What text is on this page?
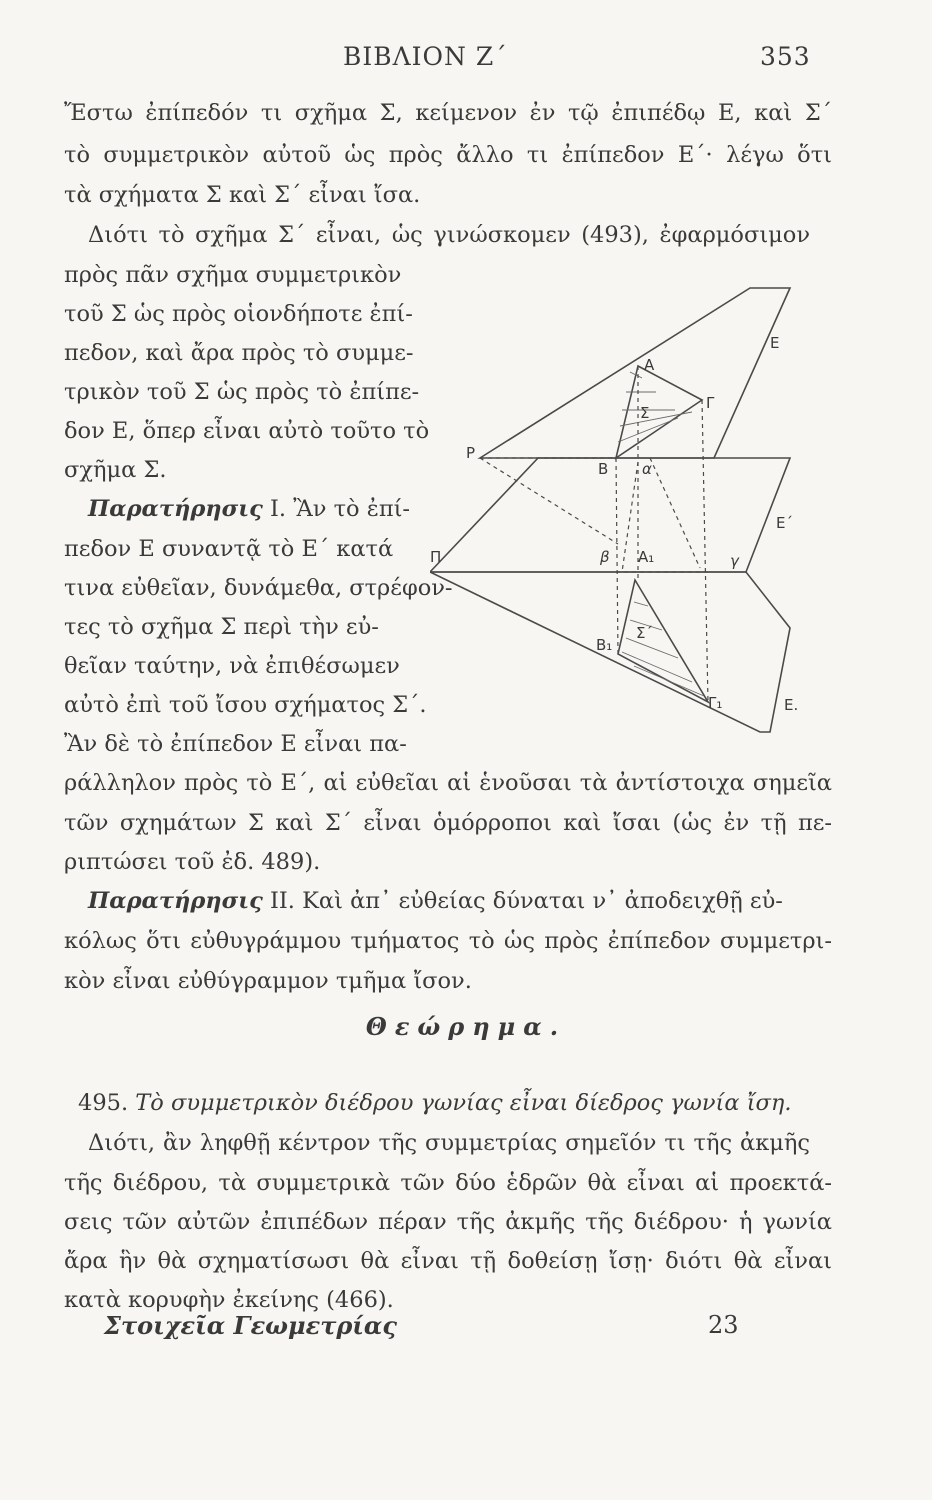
ΒΙΒΛΙΟΝ Ζ΄	353
Ἔστω ἐπίπεδόν τι σχῆμα Σ, κείμενον ἐν τῷ ἐπιπέδῳ Ε, καὶ Σ΄
τὸ συμμετρικὸν αὐτοῦ ὡς πρὸς ἄλλο τι ἐπίπεδον Ε΄· λέγω ὅτι
τὰ σχήματα Σ καὶ Σ΄ εἶναι ἴσα.
Διότι τὸ σχῆμα Σ΄ εἶναι, ὡς γινώσκομεν (493), ἐφαρμόσιμον
πρὸς πᾶν σχῆμα συμμετρικὸν
τοῦ Σ ὡς πρὸς οἱονδήποτε ἐπί-
πεδον, καὶ ἄρα πρὸς τὸ συμμε-
τρικὸν τοῦ Σ ὡς πρὸς τὸ ἐπίπε-
δον Ε, ὅπερ εἶναι αὐτὸ τοῦτο τὸ
σχῆμα Σ.
Παρατήρησις Ι. Ἂν τὸ ἐπί-
πεδον Ε συναντᾷ τὸ Ε΄ κατά
τινα εὐθεῖαν, δυνάμεθα, στρέφον-
τες τὸ σχῆμα Σ περὶ τὴν εὐ-
θεῖαν ταύτην, νὰ ἐπιθέσωμεν
αὐτὸ ἐπὶ τοῦ ἴσου σχήματος Σ΄.
Ἂν δὲ τὸ ἐπίπεδον Ε εἶναι πα-
Ε
Ε΄
Ε.
Α
Σ
Γ
Ρ
Β α
Π	β Α₁	γ
Σ΄
Β₁
Γ₁
ράλληλον πρὸς τὸ Ε΄, αἱ εὐθεῖαι αἱ ἑνοῦσαι τὰ ἀντίστοιχα σημεῖα
τῶν σχημάτων Σ καὶ Σ΄ εἶναι ὁμόρροποι καὶ ἴσαι (ὡς ἐν τῇ πε-
ριπτώσει τοῦ ἐδ. 489).
Παρατήρησις ΙΙ. Καὶ ἀπ᾿ εὐθείας δύναται ν᾿ ἀποδειχθῇ εὐ-
κόλως ὅτι εὐθυγράμμου τμήματος τὸ ὡς πρὸς ἐπίπεδον συμμετρι-
κὸν εἶναι εὐθύγραμμον τμῆμα ἴσον.
Θεώρημα.
495. Τὸ συμμετρικὸν διέδρου γωνίας εἶναι δίεδρος γωνία ἴση.
Διότι, ἂν ληφθῇ κέντρον τῆς συμμετρίας σημεῖόν τι τῆς ἀκμῆς
τῆς διέδρου, τὰ συμμετρικὰ τῶν δύο ἑδρῶν θὰ εἶναι αἱ προεκτά-
σεις τῶν αὐτῶν ἐπιπέδων πέραν τῆς ἀκμῆς τῆς διέδρου· ἡ γωνία
ἄρα ἣν θὰ σχηματίσωσι θὰ εἶναι τῇ δοθείσῃ ἴσῃ· διότι θὰ εἶναι
κατὰ κορυφὴν ἐκείνης (466).
Στοιχεῖα Γεωμετρίας	23
